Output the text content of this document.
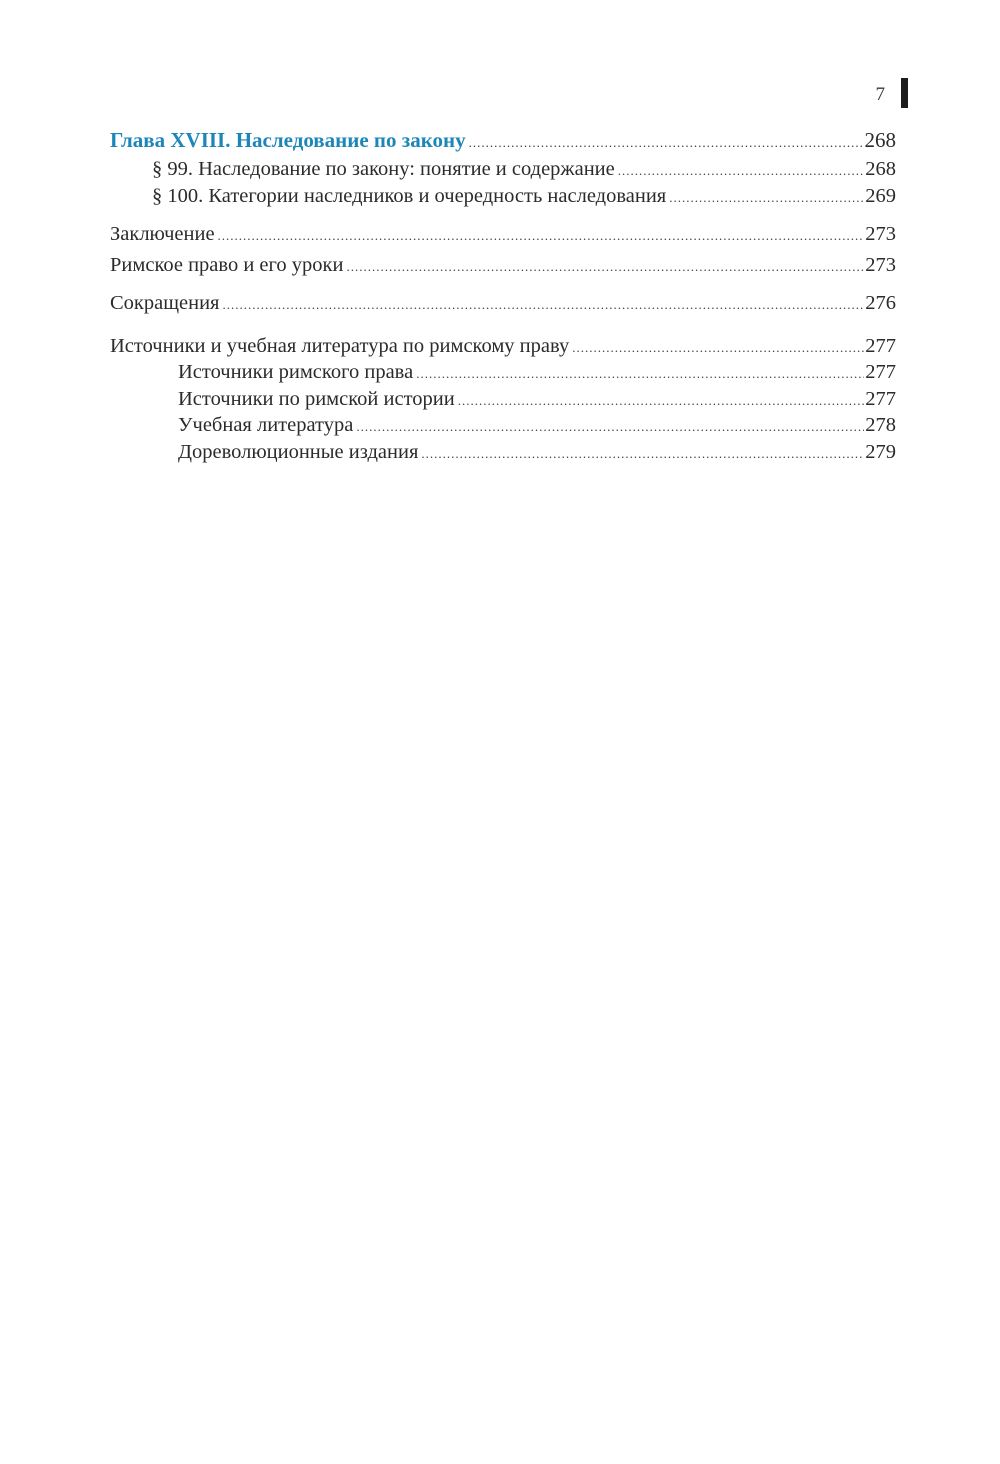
7
Глава XVIII. Наследование по закону .....	268
§ 99. Наследование по закону: понятие и содержание .....	268
§ 100. Категории наследников и очередность наследования .....	269
Заключение .....	273
Римское право и его уроки .....	273
Сокращения .....	276
Источники и учебная литература по римскому праву .....	277
Источники римского права .....	277
Источники по римской истории .....	277
Учебная литература .....	278
Дореволюционные издания .....	279
